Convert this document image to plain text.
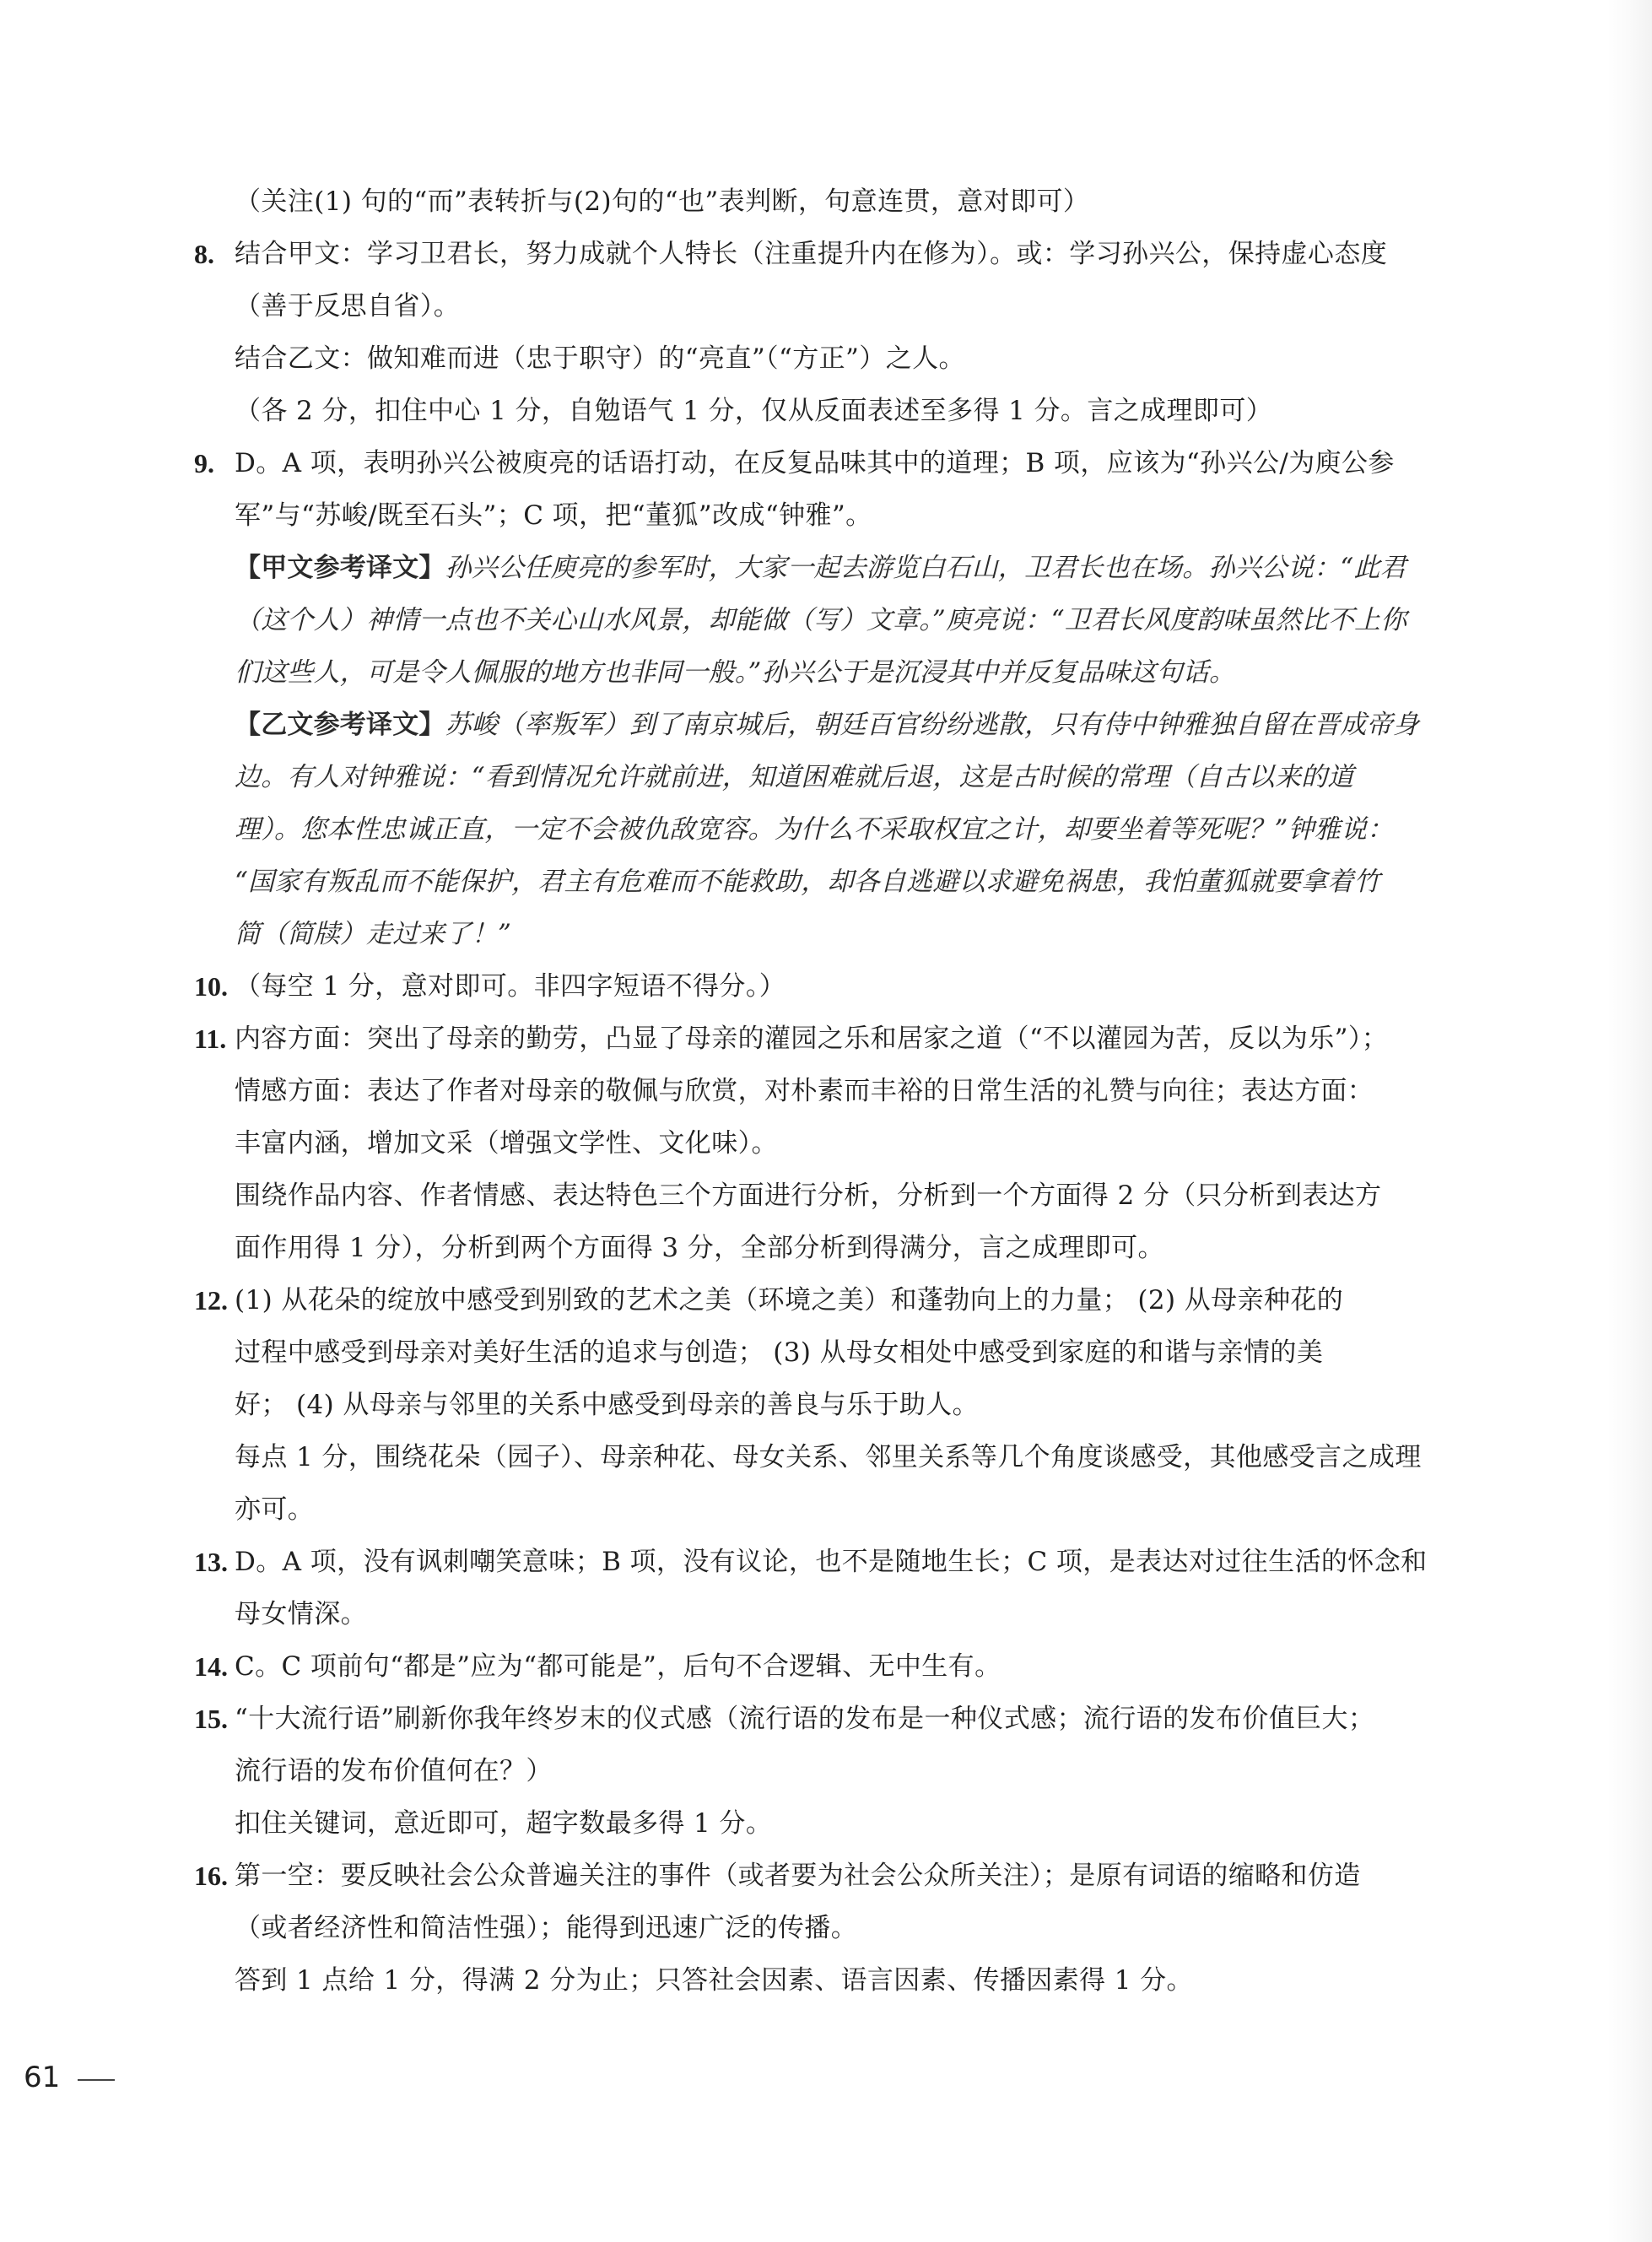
（关注(1) 句的“而”表转折与(2)句的“也”表判断，句意连贯，意对即可）
8. 结合甲文：学习卫君长，努力成就个人特长（注重提升内在修为）。或：学习孙兴公，保持虚心态度
（善于反思自省）。
结合乙文：做知难而进（忠于职守）的“亮直”（“方正”）之人。
（各 2 分，扣住中心 1 分，自勉语气 1 分，仅从反面表述至多得 1 分。言之成理即可）
9. D。A 项，表明孙兴公被庾亮的话语打动，在反复品味其中的道理；B 项，应该为“孙兴公/为庾公参
军”与“苏峻/既至石头”；C 项，把“董狐”改成“钟雅”。
【甲文参考译文】孙兴公任庾亮的参军时，大家一起去游览白石山，卫君长也在场。孙兴公说：“此君
（这个人）神情一点也不关心山水风景，却能做（写）文章。”庾亮说：“卫君长风度韵味虽然比不上你
们这些人，可是令人佩服的地方也非同一般。”孙兴公于是沉浸其中并反复品味这句话。
【乙文参考译文】苏峻（率叛军）到了南京城后，朝廷百官纷纷逃散，只有侍中钟雅独自留在晋成帝身
边。有人对钟雅说：“看到情况允许就前进，知道困难就后退，这是古时候的常理（自古以来的道
理）。您本性忠诚正直，一定不会被仇敌宽容。为什么不采取权宜之计，却要坐着等死呢？”钟雅说：
“国家有叛乱而不能保护，君主有危难而不能救助，却各自逃避以求避免祸患，我怕董狐就要拿着竹
简（简牍）走过来了！”
10. （每空 1 分，意对即可。非四字短语不得分。）
11. 内容方面：突出了母亲的勤劳，凸显了母亲的灌园之乐和居家之道（“不以灌园为苦，反以为乐”）；
情感方面：表达了作者对母亲的敬佩与欣赏，对朴素而丰裕的日常生活的礼赞与向往；表达方面：
丰富内涵，增加文采（增强文学性、文化味）。
围绕作品内容、作者情感、表达特色三个方面进行分析，分析到一个方面得 2 分（只分析到表达方
面作用得 1 分），分析到两个方面得 3 分，全部分析到得满分，言之成理即可。
12. (1) 从花朵的绽放中感受到别致的艺术之美（环境之美）和蓬勃向上的力量； (2) 从母亲种花的
过程中感受到母亲对美好生活的追求与创造； (3) 从母女相处中感受到家庭的和谐与亲情的美
好； (4) 从母亲与邻里的关系中感受到母亲的善良与乐于助人。
每点 1 分，围绕花朵（园子）、母亲种花、母女关系、邻里关系等几个角度谈感受，其他感受言之成理
亦可。
13. D。A 项，没有讽刺嘲笑意味；B 项，没有议论，也不是随地生长；C 项，是表达对过往生活的怀念和
母女情深。
14. C。C 项前句“都是”应为“都可能是”，后句不合逻辑、无中生有。
15. “十大流行语”刷新你我年终岁末的仪式感（流行语的发布是一种仪式感；流行语的发布价值巨大；
流行语的发布价值何在？）
扣住关键词，意近即可，超字数最多得 1 分。
16. 第一空：要反映社会公众普遍关注的事件（或者要为社会公众所关注）；是原有词语的缩略和仿造
（或者经济性和简洁性强）；能得到迅速广泛的传播。
答到 1 点给 1 分，得满 2 分为止；只答社会因素、语言因素、传播因素得 1 分。
61
